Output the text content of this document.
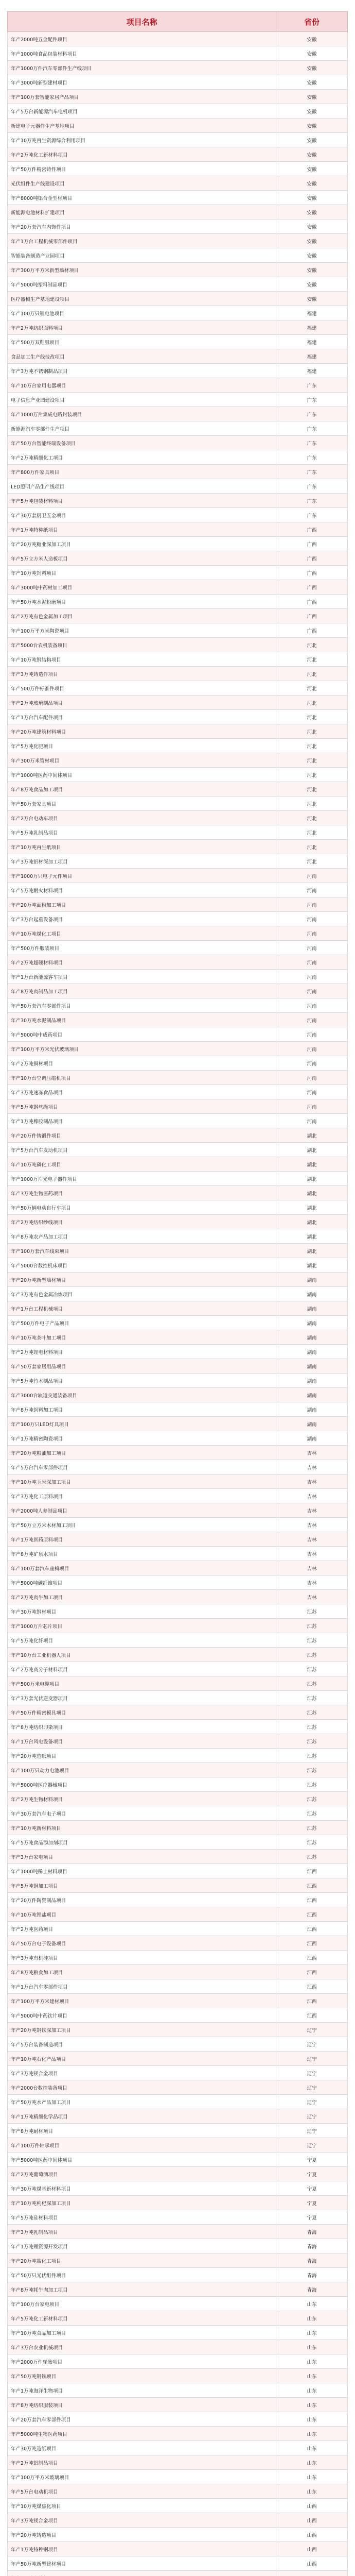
项目名称	省份
年产2000吨五金配件项目	安徽
年产1000吨食品包装材料项目	安徽
年产1000万件汽车零部件生产线项目	安徽
年产3000吨新型建材项目	安徽
年产100万套智能家居产品项目	安徽
年产5万台新能源汽车电机项目	安徽
新建电子元器件生产基地项目	安徽
年产10万吨再生资源综合利用项目	安徽
年产2万吨化工新材料项目	安徽
年产50万件精密铸件项目	安徽
光伏组件生产线建设项目	安徽
年产8000吨铝合金型材项目	安徽
新能源电池材料扩建项目	安徽
年产20万套汽车内饰件项目	安徽
年产1万台工程机械零部件项目	安徽
智能装备制造产业园项目	安徽
年产300万平方米新型墙材项目	安徽
年产5000吨塑料制品项目	安徽
医疗器械生产基地建设项目	安徽
年产100万只锂电池项目	福建
年产2万吨纺织面料项目	福建
年产500万双鞋服项目	福建
食品加工生产线技改项目	福建
年产3万吨不锈钢制品项目	福建
年产10万台家用电器项目	广东
电子信息产业园建设项目	广东
年产1000万片集成电路封装项目	广东
新能源汽车零部件生产项目	广东
年产50万台智能终端设备项目	广东
年产2万吨精细化工项目	广东
年产800万件家具项目	广东
LED照明产品生产线项目	广东
年产5万吨包装材料项目	广东
年产30万套厨卫五金项目	广东
年产1万吨特种纸项目	广西
年产20万吨糖业深加工项目	广西
年产5万立方米人造板项目	广西
年产10万吨饲料项目	广西
年产3000吨中药材加工项目	广西
年产50万吨水泥粉磨项目	广西
年产2万吨有色金属加工项目	广西
年产100万平方米陶瓷项目	广西
年产5000台农机装备项目	河北
年产10万吨钢结构项目	河北
年产3万吨铸造件项目	河北
年产500万件标准件项目	河北
年产2万吨玻璃制品项目	河北
年产1万台汽车配件项目	河北
年产20万吨建筑材料项目	河北
年产5万吨化肥项目	河北
年产300万米管材项目	河北
年产1000吨医药中间体项目	河北
年产8万吨食品加工项目	河北
年产50万套家具项目	河北
年产2万台电动车项目	河北
年产5万吨乳制品项目	河北
年产10万吨再生纸项目	河北
年产3万吨铝材深加工项目	河北
年产1000万只电子元件项目	河南
年产5万吨耐火材料项目	河南
年产20万吨面粉加工项目	河南
年产3万台起重设备项目	河南
年产10万吨煤化工项目	河南
年产500万件服装项目	河南
年产2万吨超硬材料项目	河南
年产1万台新能源客车项目	河南
年产8万吨肉制品加工项目	河南
年产50万套汽车零部件项目	河南
年产30万吨水泥制品项目	河南
年产5000吨中成药项目	河南
年产100万平方米光伏玻璃项目	河南
年产2万吨铜材项目	河南
年产10万台空调压缩机项目	河南
年产3万吨速冻食品项目	河南
年产5万吨钢丝绳项目	河南
年产1万吨橡胶制品项目	河南
年产20万件铸锻件项目	湖北
年产5万台汽车发动机项目	湖北
年产10万吨磷化工项目	湖北
年产1000万片光电子器件项目	湖北
年产3万吨生物医药项目	湖北
年产50万辆电动自行车项目	湖北
年产2万吨纺织纱线项目	湖北
年产8万吨农产品加工项目	湖北
年产100万套汽车线束项目	湖北
年产5000台数控机床项目	湖北
年产20万吨新型墙材项目	湖南
年产3万吨有色金属冶炼项目	湖南
年产1万台工程机械项目	湖南
年产500万件电子产品项目	湖南
年产10万吨茶叶加工项目	湖南
年产2万吨锂电材料项目	湖南
年产50万套家居用品项目	湖南
年产5万吨竹木制品项目	湖南
年产3000台轨道交通装备项目	湖南
年产8万吨饲料加工项目	湖南
年产100万只LED灯具项目	湖南
年产1万吨精密陶瓷项目	湖南
年产20万吨粮油加工项目	吉林
年产5万台汽车零部件项目	吉林
年产10万吨玉米深加工项目	吉林
年产3万吨化工原料项目	吉林
年产2000吨人参制品项目	吉林
年产50万立方米木材加工项目	吉林
年产1万吨医药原料项目	吉林
年产8万吨矿泉水项目	吉林
年产100万套汽车座椅项目	吉林
年产5000吨碳纤维项目	吉林
年产2万吨肉牛加工项目	吉林
年产30万吨钢材项目	江苏
年产1000万片芯片项目	江苏
年产5万吨化纤项目	江苏
年产10万台工业机器人项目	江苏
年产2万吨高分子材料项目	江苏
年产500万米电缆项目	江苏
年产3万套光伏逆变器项目	江苏
年产50万件精密模具项目	江苏
年产8万吨纺织印染项目	江苏
年产1万台风电设备项目	江苏
年产20万吨造纸项目	江苏
年产100万只动力电池项目	江苏
年产5000吨医疗器械项目	江苏
年产2万吨生物材料项目	江苏
年产30万套汽车电子项目	江苏
年产10万吨新材料项目	江苏
年产5万吨食品添加剂项目	江苏
年产3万台家电项目	江苏
年产1000吨稀土材料项目	江西
年产5万吨铜加工项目	江西
年产20万件陶瓷制品项目	江西
年产10万吨锂盐项目	江西
年产2万吨医药项目	江西
年产50万台电子设备项目	江西
年产3万吨有机硅项目	江西
年产8万吨粮食加工项目	江西
年产1万台汽车零部件项目	江西
年产100万平方米建材项目	江西
年产5000吨中药饮片项目	江西
年产20万吨钢铁深加工项目	辽宁
年产5万台装备制造项目	辽宁
年产10万吨石化产品项目	辽宁
年产3万吨镁合金项目	辽宁
年产2000台数控装备项目	辽宁
年产50万吨水产品加工项目	辽宁
年产1万吨精细化学品项目	辽宁
年产8万吨耐材项目	辽宁
年产100万件轴承项目	辽宁
年产5000吨医药中间体项目	宁夏
年产2万吨葡萄酒项目	宁夏
年产30万吨煤基新材料项目	宁夏
年产10万吨枸杞深加工项目	宁夏
年产5万吨硅材料项目	宁夏
年产3万吨乳制品项目	青海
年产1万吨锂资源开发项目	青海
年产20万吨盐化工项目	青海
年产50万只光伏组件项目	青海
年产8万吨牦牛肉加工项目	青海
年产100万台家电项目	山东
年产5万吨化工新材料项目	山东
年产10万吨食品加工项目	山东
年产3万台农业机械项目	山东
年产2000万件轮胎项目	山东
年产50万吨钢铁项目	山东
年产1万吨海洋生物项目	山东
年产8万吨纺织服装项目	山东
年产20万套汽车零部件项目	山东
年产5000吨生物医药项目	山东
年产30万吨造纸项目	山东
年产2万吨铝制品项目	山东
年产100万平方米玻璃项目	山东
年产5万台电动机项目	山东
年产10万吨煤焦化项目	山西
年产3万吨镁合金项目	山西
年产20万吨铸造项目	山西
年产1万吨特种钢项目	山西
年产50万吨新型建材项目	山西
